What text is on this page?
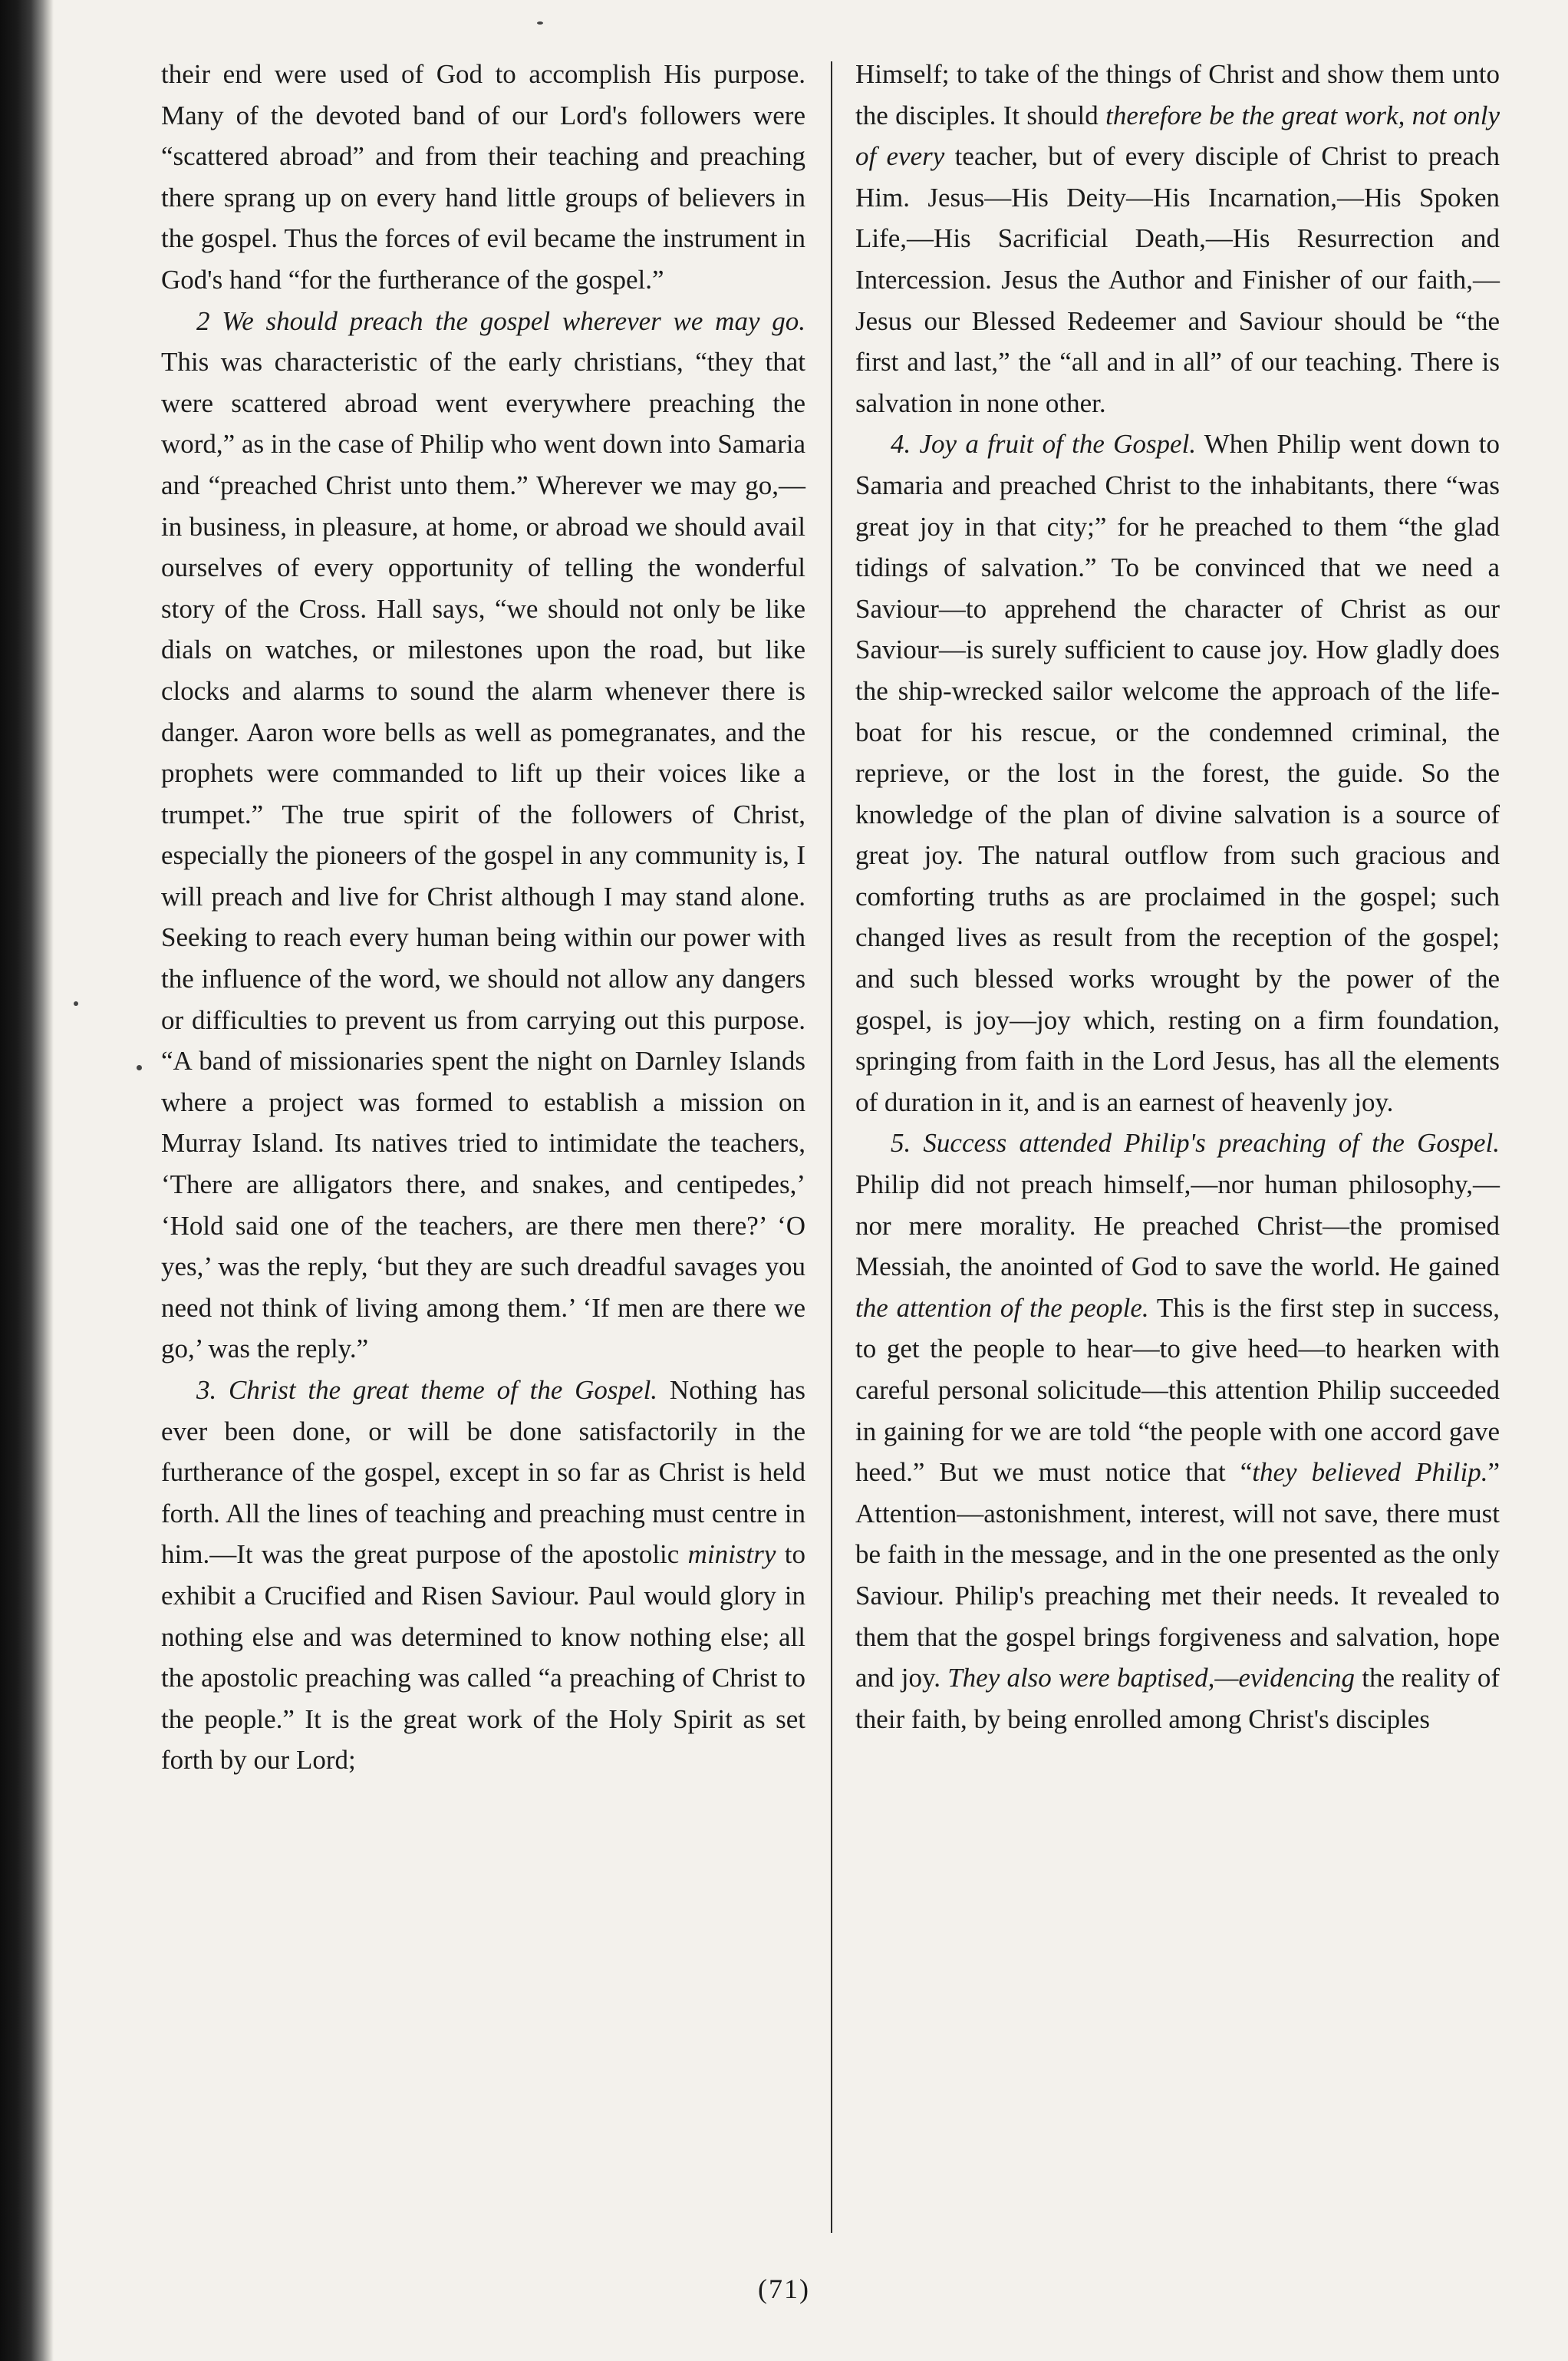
their end were used of God to accomplish His purpose. Many of the devoted band of our Lord's followers were “scattered abroad” and from their teaching and preaching there sprang up on every hand little groups of believers in the gospel. Thus the forces of evil became the instrument in God's hand “for the furtherance of the gospel.”

2 We should preach the gospel wherever we may go. This was characteristic of the early christians, “they that were scattered abroad went everywhere preaching the word,” as in the case of Philip who went down into Samaria and “preached Christ unto them.” Wherever we may go,—in business, in pleasure, at home, or abroad we should avail ourselves of every opportunity of telling the wonderful story of the Cross. Hall says, “we should not only be like dials on watches, or milestones upon the road, but like clocks and alarms to sound the alarm whenever there is danger. Aaron wore bells as well as pomegranates, and the prophets were commanded to lift up their voices like a trumpet.” The true spirit of the followers of Christ, especially the pioneers of the gospel in any community is, I will preach and live for Christ although I may stand alone. Seeking to reach every human being within our power with the influence of the word, we should not allow any dangers or difficulties to prevent us from carrying out this purpose. “A band of missionaries spent the night on Darnley Islands where a project was formed to establish a mission on Murray Island. Its natives tried to intimidate the teachers, ‘There are alligators there, and snakes, and centipedes,’ ‘Hold said one of the teachers, are there men there?’ ‘O yes,’ was the reply, ‘but they are such dreadful savages you need not think of living among them.’ ‘If men are there we go,’ was the reply.”

3. Christ the great theme of the Gospel. Nothing has ever been done, or will be done satisfactorily in the furtherance of the gospel, except in so far as Christ is held forth. All the lines of teaching and preaching must centre in him.—It was the great purpose of the apostolic ministry to exhibit a Crucified and Risen Saviour. Paul would glory in nothing else and was determined to know nothing else; all the apostolic preaching was called “a preaching of Christ to the people.” It is the great work of the Holy Spirit as set forth by our Lord;

Himself; to take of the things of Christ and show them unto the disciples. It should therefore be the great work, not only of every teacher, but of every disciple of Christ to preach Him. Jesus—His Deity—His Incarnation,—His Spoken Life,—His Sacrificial Death,—His Resurrection and Intercession. Jesus the Author and Finisher of our faith,—Jesus our Blessed Redeemer and Saviour should be “the first and last,” the “all and in all” of our teaching. There is salvation in none other.

4. Joy a fruit of the Gospel. When Philip went down to Samaria and preached Christ to the inhabitants, there “was great joy in that city;” for he preached to them “the glad tidings of salvation.” To be convinced that we need a Saviour—to apprehend the character of Christ as our Saviour—is surely sufficient to cause joy. How gladly does the ship-wrecked sailor welcome the approach of the life-boat for his rescue, or the condemned criminal, the reprieve, or the lost in the forest, the guide. So the knowledge of the plan of divine salvation is a source of great joy. The natural outflow from such gracious and comforting truths as are proclaimed in the gospel; such changed lives as result from the reception of the gospel; and such blessed works wrought by the power of the gospel, is joy—joy which, resting on a firm foundation, springing from faith in the Lord Jesus, has all the elements of duration in it, and is an earnest of heavenly joy.

5. Success attended Philip's preaching of the Gospel. Philip did not preach himself,—nor human philosophy,—nor mere morality. He preached Christ—the promised Messiah, the anointed of God to save the world. He gained the attention of the people. This is the first step in success, to get the people to hear—to give heed—to hearken with careful personal solicitude—this attention Philip succeeded in gaining for we are told “the people with one accord gave heed.” But we must notice that “they believed Philip.” Attention—astonishment, interest, will not save, there must be faith in the message, and in the one presented as the only Saviour. Philip's preaching met their needs. It revealed to them that the gospel brings forgiveness and salvation, hope and joy. They also were baptised,—evidencing the reality of their faith, by being enrolled among Christ's disciples

(71)
